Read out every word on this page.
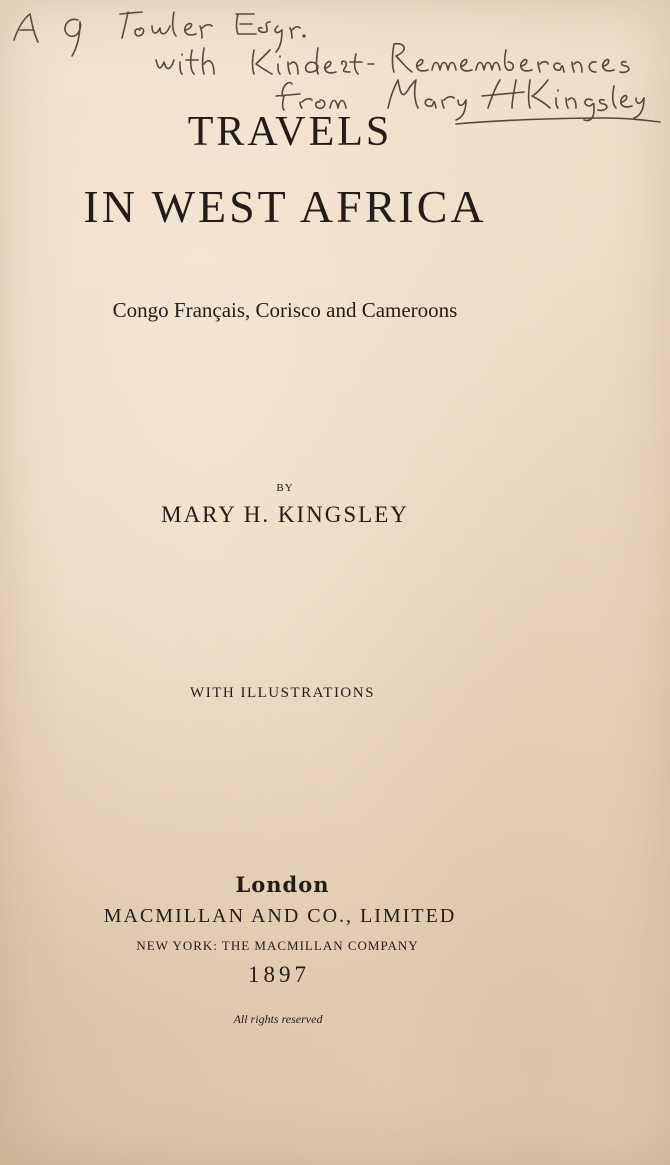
TRAVELS
IN WEST AFRICA
Congo Français, Corisco and Cameroons
BY
MARY H. KINGSLEY
WITH ILLUSTRATIONS
London
MACMILLAN AND CO., LIMITED
NEW YORK: THE MACMILLAN COMPANY
1897
All rights reserved
